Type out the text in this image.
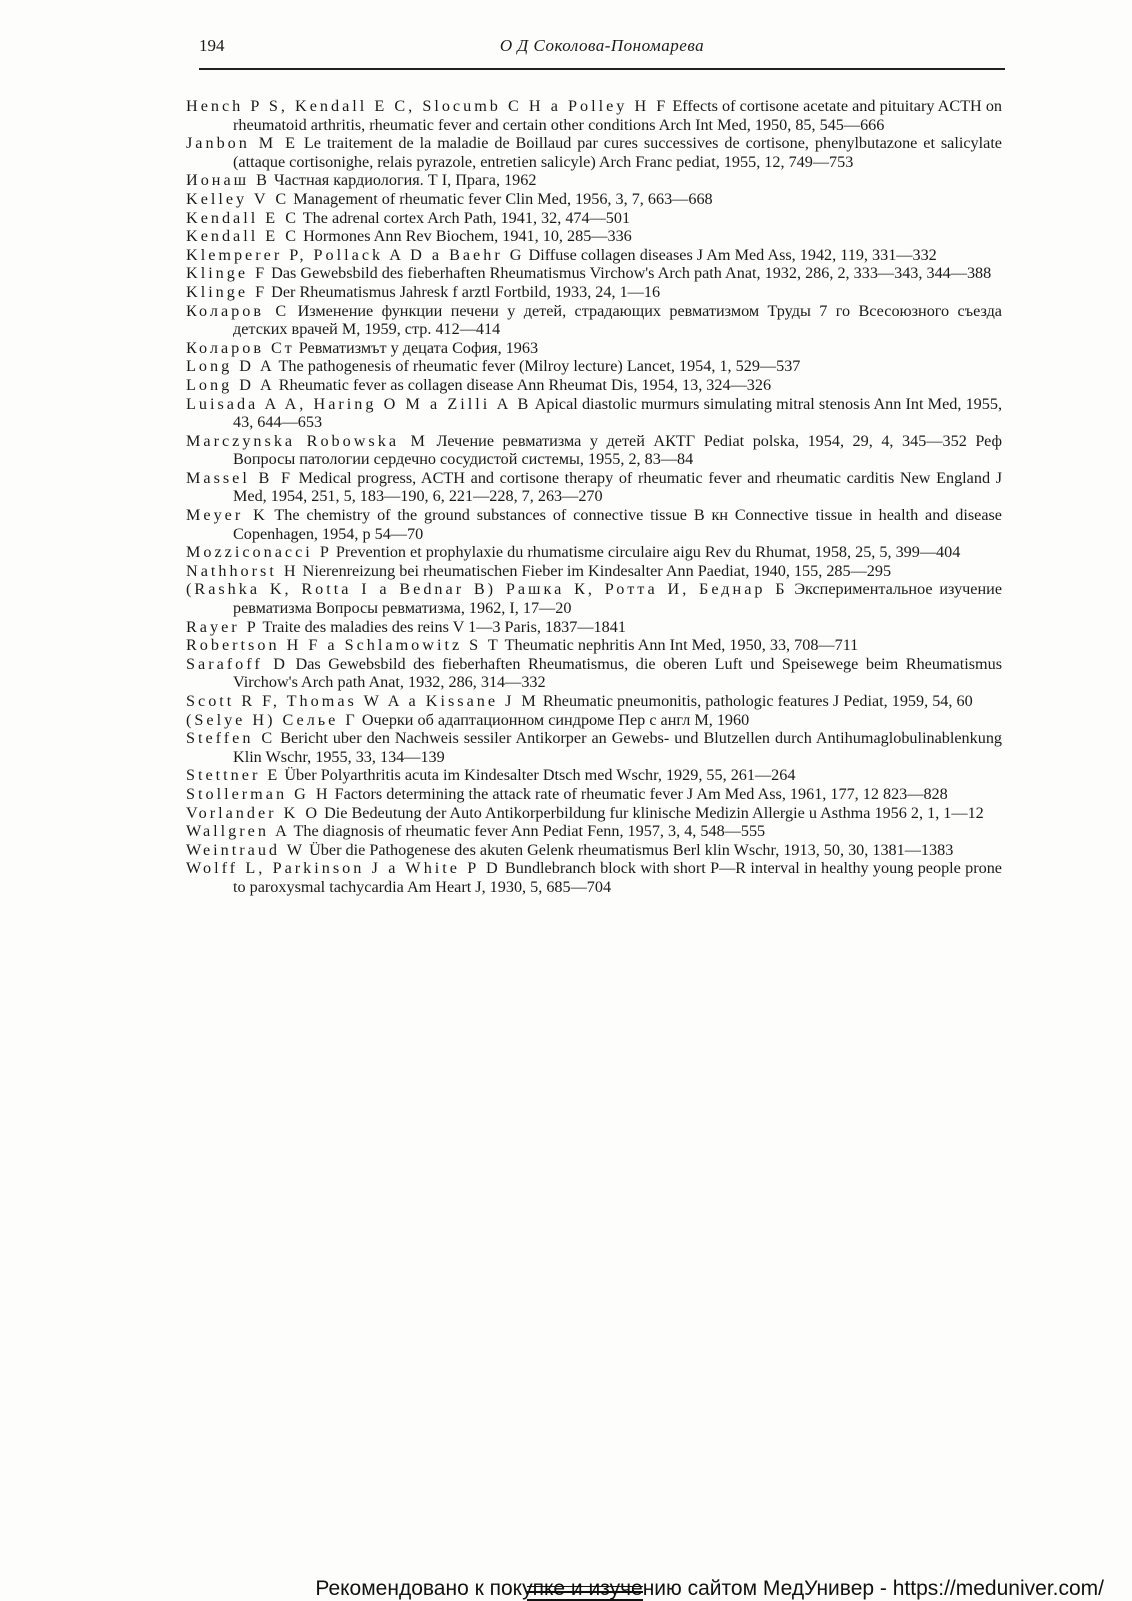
194	О Д Соколова-Пономарева

Hench P S, Kendall E C, Slocumb C H a Polley H F Effects of cortisone acetate and pituitary ACTH on rheumatoid arthritis, rheumatic fever and certain other conditions Arch Int Med, 1950, 85, 545—666

Janbon M E Le traitement de la maladie de Boillaud par cures successives de cortisone, phenylbutazone et salicylate (attaque cortisonighe, relais pyrazole, entretien salicyle) Arch Franc pediat, 1955, 12, 749—753

Ионаш В Частная кардиология. Т I, Прага, 1962

Kelley V C Management of rheumatic fever Clin Med, 1956, 3, 7, 663—668

Kendall E C The adrenal cortex Arch Path, 1941, 32, 474—501

Kendall E C Hormones Ann Rev Biochem, 1941, 10, 285—336

Klemperer P, Pollack A D a Baehr G Diffuse collagen diseases J Am Med Ass, 1942, 119, 331—332

Klinge F Das Gewebsbild des fieberhaften Rheumatismus Virchow's Arch path Anat, 1932, 286, 2, 333—343, 344—388

Klinge F Der Rheumatismus Jahresk f arztl Fortbild, 1933, 24, 1—16

Коларов С Изменение функции печени у детей, страдающих ревматизмом Труды 7 го Всесоюзного съезда детских врачей М, 1959, стр. 412—414

Коларов Ст Ревматизмът у децата София, 1963

Long D A The pathogenesis of rheumatic fever (Milroy lecture) Lancet, 1954, 1, 529—537

Long D A Rheumatic fever as collagen disease Ann Rheumat Dis, 1954, 13, 324—326

Luisada A A, Haring O M a Zilli A B Apical diastolic murmurs simulating mitral stenosis Ann Int Med, 1955, 43, 644—653

Marczynska Robowska M Лечение ревматизма у детей АКТГ Pediat polska, 1954, 29, 4, 345—352 Реф Вопросы патологии сердечно сосудистой системы, 1955, 2, 83—84

Massel B F Medical progress, ACTH and cortisone therapy of rheumatic fever and rheumatic carditis New England J Med, 1954, 251, 5, 183—190, 6, 221—228, 7, 263—270

Meyer K The chemistry of the ground substances of connective tissue В кн Connective tissue in health and disease Copenhagen, 1954, p 54—70

Mozziconacci P Prevention et prophylaxie du rhumatisme circulaire aigu Rev du Rhumat, 1958, 25, 5, 399—404

Nathhorst H Nierenreizung bei rheumatischen Fieber im Kindesalter Ann Paediat, 1940, 155, 285—295

(Rashka K, Rotta I a Bednar B) Рашка К, Ротта И, Беднар Б Экспериментальное изучение ревматизма Вопросы ревматизма, 1962, I, 17—20

Rayer P Traite des maladies des reins V 1—3 Paris, 1837—1841

Robertson H F a Schlamowitz S T Theumatic nephritis Ann Int Med, 1950, 33, 708—711

Sarafoff D Das Gewebsbild des fieberhaften Rheumatismus, die oberen Luft und Speisewege beim Rheumatismus Virchow's Arch path Anat, 1932, 286, 314—332

Scott R F, Thomas W A a Kissane J M Rheumatic pneumonitis, pathologic features J Pediat, 1959, 54, 60

(Selye H) Селье Г Очерки об адаптационном синдроме Пер с англ М, 1960

Steffen C Bericht uber den Nachweis sessiler Antikorper an Gewebs- und Blutzellen durch Antihumaglobulinablenkung Klin Wschr, 1955, 33, 134—139

Stettner E Über Polyarthritis acuta im Kindesalter Dtsch med Wschr, 1929, 55, 261—264

Stollerman G H Factors determining the attack rate of rheumatic fever J Am Med Ass, 1961, 177, 12 823—828

Vorlander K O Die Bedeutung der Auto Antikorperbildung fur klinische Medizin Allergie u Asthma 1956 2, 1, 1—12

Wallgren A The diagnosis of rheumatic fever Ann Pediat Fenn, 1957, 3, 4, 548—555

Weintraud W Über die Pathogenese des akuten Gelenk rheumatismus Berl klin Wschr, 1913, 50, 30, 1381—1383

Wolff L, Parkinson J a White P D Bundlebranch block with short P—R interval in healthy young people prone to paroxysmal tachycardia Am Heart J, 1930, 5, 685—704

Рекомендовано к покупке и изучению сайтом МедУнивер - https://meduniver.com/
